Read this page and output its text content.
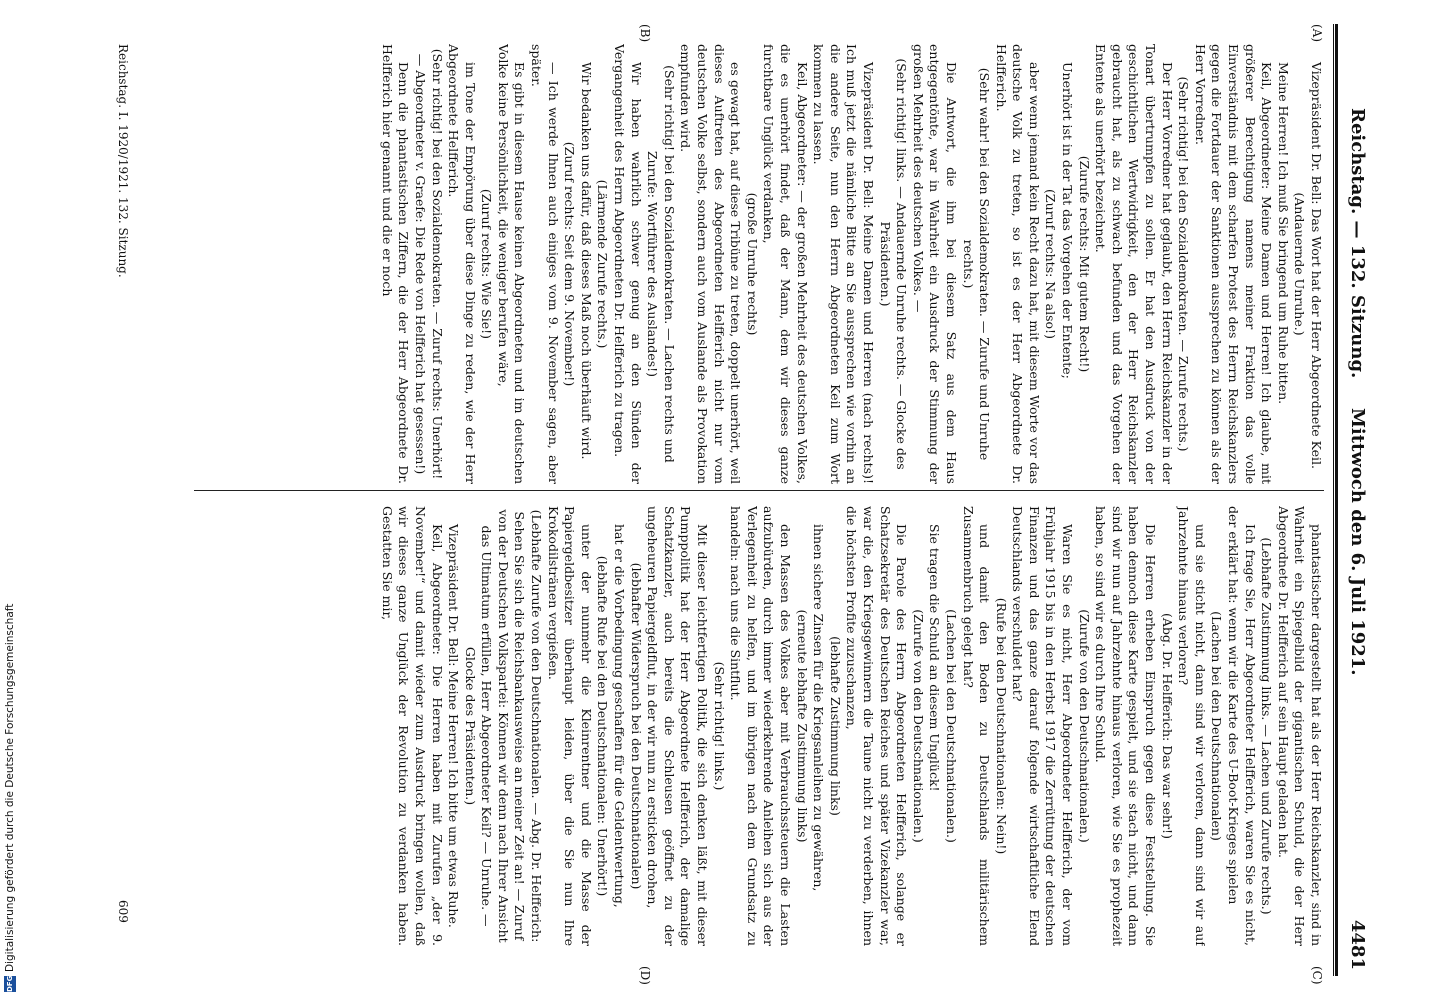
Reichstag. — 132. Sitzung.
Mittwoch den 6. Juli 1921.
4481
(A)
(B)
(C)
(D)

Vizepräsident Dr. Bell: Das Wort hat der Herr Abgeordnete Keil.

(Andauernde Unruhe.)

Meine Herren! Ich muß Sie bringend um Ruhe bitten.

Keil, Abgeordneter: Meine Damen und Herren! Ich glaube, mit größerer Berechtigung namens meiner Fraktion das volle Einverständnis mit dem scharfen Protest des Herrn Reichskanzlers gegen die Fortdauer der Sanktionen aussprechen zu können als der Herr Vorredner.

(Sehr richtig! bei den Sozialdemokraten. — Zurufe rechts.)

Der Herr Vorredner hat geglaubt, den Herrn Reichskanzler in der Tonart übertrumpfen zu sollen. Er hat den Ausdruck von der geschichtlichen Wertwidrigkeit, den der Herr Reichskanzler gebraucht hat, als zu schwach befunden und das Vorgehen der Entente als unerhört bezeichnet.

(Zurufe rechts: Mit gutem Recht!)

Unerhört ist in der Tat das Vorgehen der Entente;

(Zuruf rechts: Na also!)

aber wenn jemand kein Recht dazu hat, mit diesem Worte vor das deutsche Volk zu treten, so ist es der Herr Abgeordnete Dr. Helfferich.

(Sehr wahr! bei den Sozialdemokraten. — Zurufe und Unruhe rechts.)

Die Antwort, die ihm bei diesem Satz aus dem Haus entgegentönte, war in Wahrheit ein Ausdruck der Stimmung der großen Mehrheit des deutschen Volkes. —

(Sehr richtig! links. — Andauernde Unruhe rechts. — Glocke des Präsidenten.)

Vizepräsident Dr. Bell: Meine Damen und Herren (nach rechts)! Ich muß jetzt die nämliche Bitte an Sie aussprechen wie vorhin an die andere Seite, nun den Herrn Abgeordneten Keil zum Wort kommen zu lassen.

Keil, Abgeordneter: — der großen Mehrheit des deutschen Volkes, die es unerhört findet, daß der Mann, dem wir dieses ganze furchtbare Unglück verdanken,

(große Unruhe rechts)

es gewagt hat, auf diese Tribüne zu treten, doppelt unerhört, weil dieses Auftreten des Abgeordneten Helfferich nicht nur vom deutschen Volke selbst, sondern auch vom Auslande als Provokation empfunden wird.

(Sehr richtig! bei den Sozialdemokraten. — Lachen rechts und Zurufe: Wortführer des Auslandes!)

Wir haben wahrlich schwer genug an den Sünden der Vergangenheit des Herrn Abgeordneten Dr. Helfferich zu tragen.

(Lärmende Zurufe rechts.)

Wir bedanken uns dafür, daß dieses Maß noch überhäuft wird.

(Zuruf rechts: Seit dem 9. November!)

— Ich werde Ihnen auch einiges vom 9. November sagen, aber später.

Es gibt in diesem Hause keinen Abgeordneten und im deutschen Volke keine Persönlichkeit, die weniger berufen wäre,

(Zuruf rechts: Wie Sie!)

im Tone der Empörung über diese Dinge zu reden, wie der Herr Abgeordnete Helfferich.

(Sehr richtig! bei den Sozialdemokraten. — Zuruf rechts: Unerhört! — Abgeordneter v. Graefe: Die Rede von Helfferich hat gesessen!)

Denn die phantastischen Ziffern, die der Herr Abgeordnete Dr. Helfferich hier genannt und die er noch

phantastischer dargestellt hat als der Herr Reichskanzler, sind in Wahrheit ein Spiegelbild der gigantischen Schuld, die der Herr Abgeordnete Dr. Helfferich auf sein Haupt geladen hat.

(Lebhafte Zustimmung links. — Lachen und Zurufe rechts.)

Ich frage Sie, Herr Abgeordneter Helfferich, waren Sie es nicht, der erklärt hat: wenn wir die Karte des U-Boot-Krieges spielen

(Lachen bei den Deutschnationalen)

und sie sticht nicht, dann sind wir verloren, dann sind wir auf Jahrzehnte hinaus verloren?

(Abg. Dr. Helfferich: Das war sehr!)

Die Herren erheben Einspruch gegen diese Feststellung. Sie haben dennoch diese Karte gespielt, und sie stach nicht, und dann sind wir nun auf Jahrzehnte hinaus verloren, wie Sie es prophezeit haben, so sind wir es durch Ihre Schuld.

(Zurufe von den Deutschnationalen.)

Waren Sie es nicht, Herr Abgeordneter Helfferich, der vom Frühjahr 1915 bis in den Herbst 1917 die Zerrüttung der deutschen Finanzen und das ganze darauf folgende wirtschaftliche Elend Deutschlands verschuldet hat?

(Rufe bei den Deutschnationalen: Nein!)

und damit den Boden zu Deutschlands militärischem Zusammenbruch gelegt hat?

(Lachen bei den Deutschnationalen.)

Sie tragen die Schuld an diesem Unglück!

(Zurufe von den Deutschnationalen.)

Die Parole des Herrn Abgeordneten Helfferich, solange er Schatzsekretär des Deutschen Reiches und später Vizekanzler war, war die, den Kriegsgewinnern die Taune nicht zu verderben, ihnen die höchsten Profite zuzuschanzen,

(lebhafte Zustimmung links)

ihnen sichere Zinsen für die Kriegsanleihen zu gewähren,

(erneute lebhafte Zustimmung links)

den Massen des Volkes aber mit Verbrauchssteuern die Lasten aufzubürden, durch immer wiederkehrende Anleihen sich aus der Verlegenheit zu helfen, und im übrigen nach dem Grundsatz zu handeln: nach uns die Sintflut.

(Sehr richtig! links.)

Mit dieser leichtfertigen Politik, die sich denken läßt, mit dieser Pumppolitik hat der Herr Abgeordnete Helfferich, der damalige Schatzkanzler, auch bereits die Schleusen geöffnet zu der ungeheuren Papiergeldflut, in der wir nun zu ersticken drohen,

(lebhafter Widerspruch bei den Deutschnationalen)

hat er die Vorbedingung geschaffen für die Geldentwertung,

(lebhafte Rufe bei den Deutschnationalen: Unerhört!)

unter der nunmehr die Kleinrentner und die Masse der Papiergeldbesitzer überhaupt leiden, über die Sie nun Ihre Krokodilstränen vergießen.

(Lebhafte Zurufe von den Deutschnationalen. — Abg. Dr. Helfferich: Sehen Sie sich die Reichsbankausweise an meiner Zeit an! — Zuruf von der Deutschen Volkspartei: Können wir denn nach Ihrer Ansicht das Ultimatum erfüllen, Herr Abgeordneter Keil? — Unruhe. — Glocke des Präsidenten.)

Vizepräsident Dr. Bell: Meine Herren! Ich bitte um etwas Ruhe.

Keil, Abgeordneter: Die Herren haben mit Zurufen „der 9. November!“ und damit wieder zum Ausdruck bringen wollen, daß wir dieses ganze Unglück der Revolution zu verdanken haben. Gestatten Sie mir,

Reichstag. I. 1920/1921. 132. Sitzung.
609
DFGDigitalisierung gefördert durch die Deutsche Forschungsgemeinschaft
